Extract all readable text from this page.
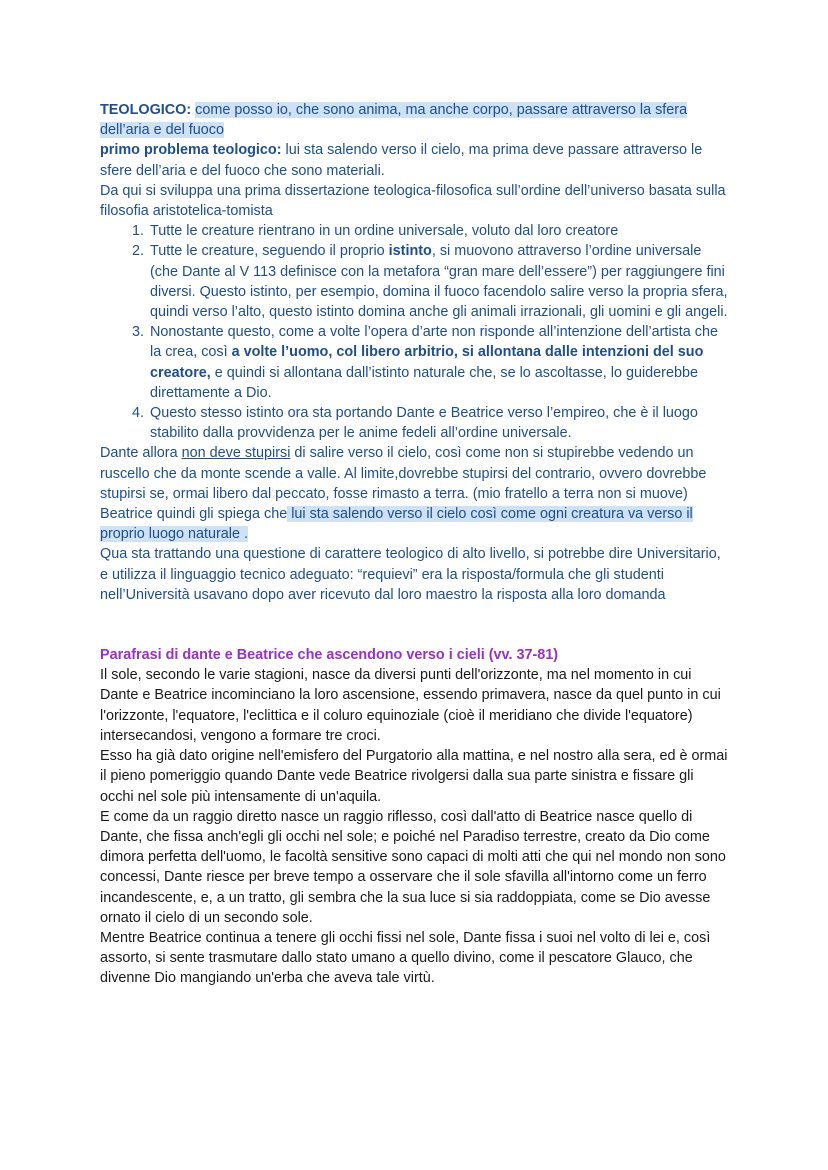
TEOLOGICO: come posso io, che sono anima, ma anche corpo, passare attraverso la sfera dell’aria e del fuoco

primo problema teologico: lui sta salendo verso il cielo, ma prima deve passare attraverso le sfere dell’aria e del fuoco che sono materiali.

Da qui si sviluppa una prima dissertazione teologica-filosofica sull’ordine dell’universo basata sulla filosofia aristotelica-tomista

1. Tutte le creature rientrano in un ordine universale, voluto dal loro creatore
2. Tutte le creature, seguendo il proprio istinto, si muovono attraverso l’ordine universale (che Dante al V 113 definisce con la metafora “gran mare dell’essere”) per raggiungere fini diversi. Questo istinto, per esempio, domina il fuoco facendolo salire verso la propria sfera, quindi verso l’alto, questo istinto domina anche gli animali irrazionali, gli uomini e gli angeli.
3. Nonostante questo, come a volte l’opera d’arte non risponde all’intenzione dell’artista che la crea, così a volte l’uomo, col libero arbitrio, si allontana dalle intenzioni del suo creatore, e quindi si allontana dall’istinto naturale che, se lo ascoltasse, lo guiderebbe direttamente a Dio.
4. Questo stesso istinto ora sta portando Dante e Beatrice verso l’empireo, che è il luogo stabilito dalla provvidenza per le anime fedeli all’ordine universale.

Dante allora non deve stupirsi di salire verso il cielo, così come non si stupirebbe vedendo un ruscello che da monte scende a valle. Al limite,dovrebbe stupirsi del contrario, ovvero dovrebbe stupirsi se, ormai libero dal peccato, fosse rimasto a terra. (mio fratello a terra non si muove)

Beatrice quindi gli spiega che lui sta salendo verso il cielo così come ogni creatura va verso il proprio luogo naturale .

Qua sta trattando una questione di carattere teologico di alto livello, si potrebbe dire Universitario, e utilizza il linguaggio tecnico adeguato: “requievi” era la risposta/formula che gli studenti nell’Università usavano dopo aver ricevuto dal loro maestro la risposta alla loro domanda

Parafrasi di dante e Beatrice che ascendono verso i cieli (vv. 37-81)

Il sole, secondo le varie stagioni, nasce da diversi punti dell'orizzonte, ma nel momento in cui Dante e Beatrice incominciano la loro ascensione, essendo primavera, nasce da quel punto in cui l'orizzonte, l'equatore, l'eclittica e il coluro equinoziale (cioè il meridiano che divide l'equatore) intersecandosi, vengono a formare tre croci.

Esso ha già dato origine nell'emisfero del Purgatorio alla mattina, e nel nostro alla sera, ed è ormai il pieno pomeriggio quando Dante vede Beatrice rivolgersi dalla sua parte sinistra e fissare gli occhi nel sole più intensamente di un'aquila.

E come da un raggio diretto nasce un raggio riflesso, così dall'atto di Beatrice nasce quello di Dante, che fissa anch'egli gli occhi nel sole; e poiché nel Paradiso terrestre, creato da Dio come dimora perfetta dell'uomo, le facoltà sensitive sono capaci di molti atti che qui nel mondo non sono concessi, Dante riesce per breve tempo a osservare che il sole sfavilla all'intorno come un ferro incandescente, e, a un tratto, gli sembra che la sua luce si sia raddoppiata, come se Dio avesse ornato il cielo di un secondo sole.

Mentre Beatrice continua a tenere gli occhi fissi nel sole, Dante fissa i suoi nel volto di lei e, così assorto, si sente trasmutare dallo stato umano a quello divino, come il pescatore Glauco, che divenne Dio mangiando un'erba che aveva tale virtù.
